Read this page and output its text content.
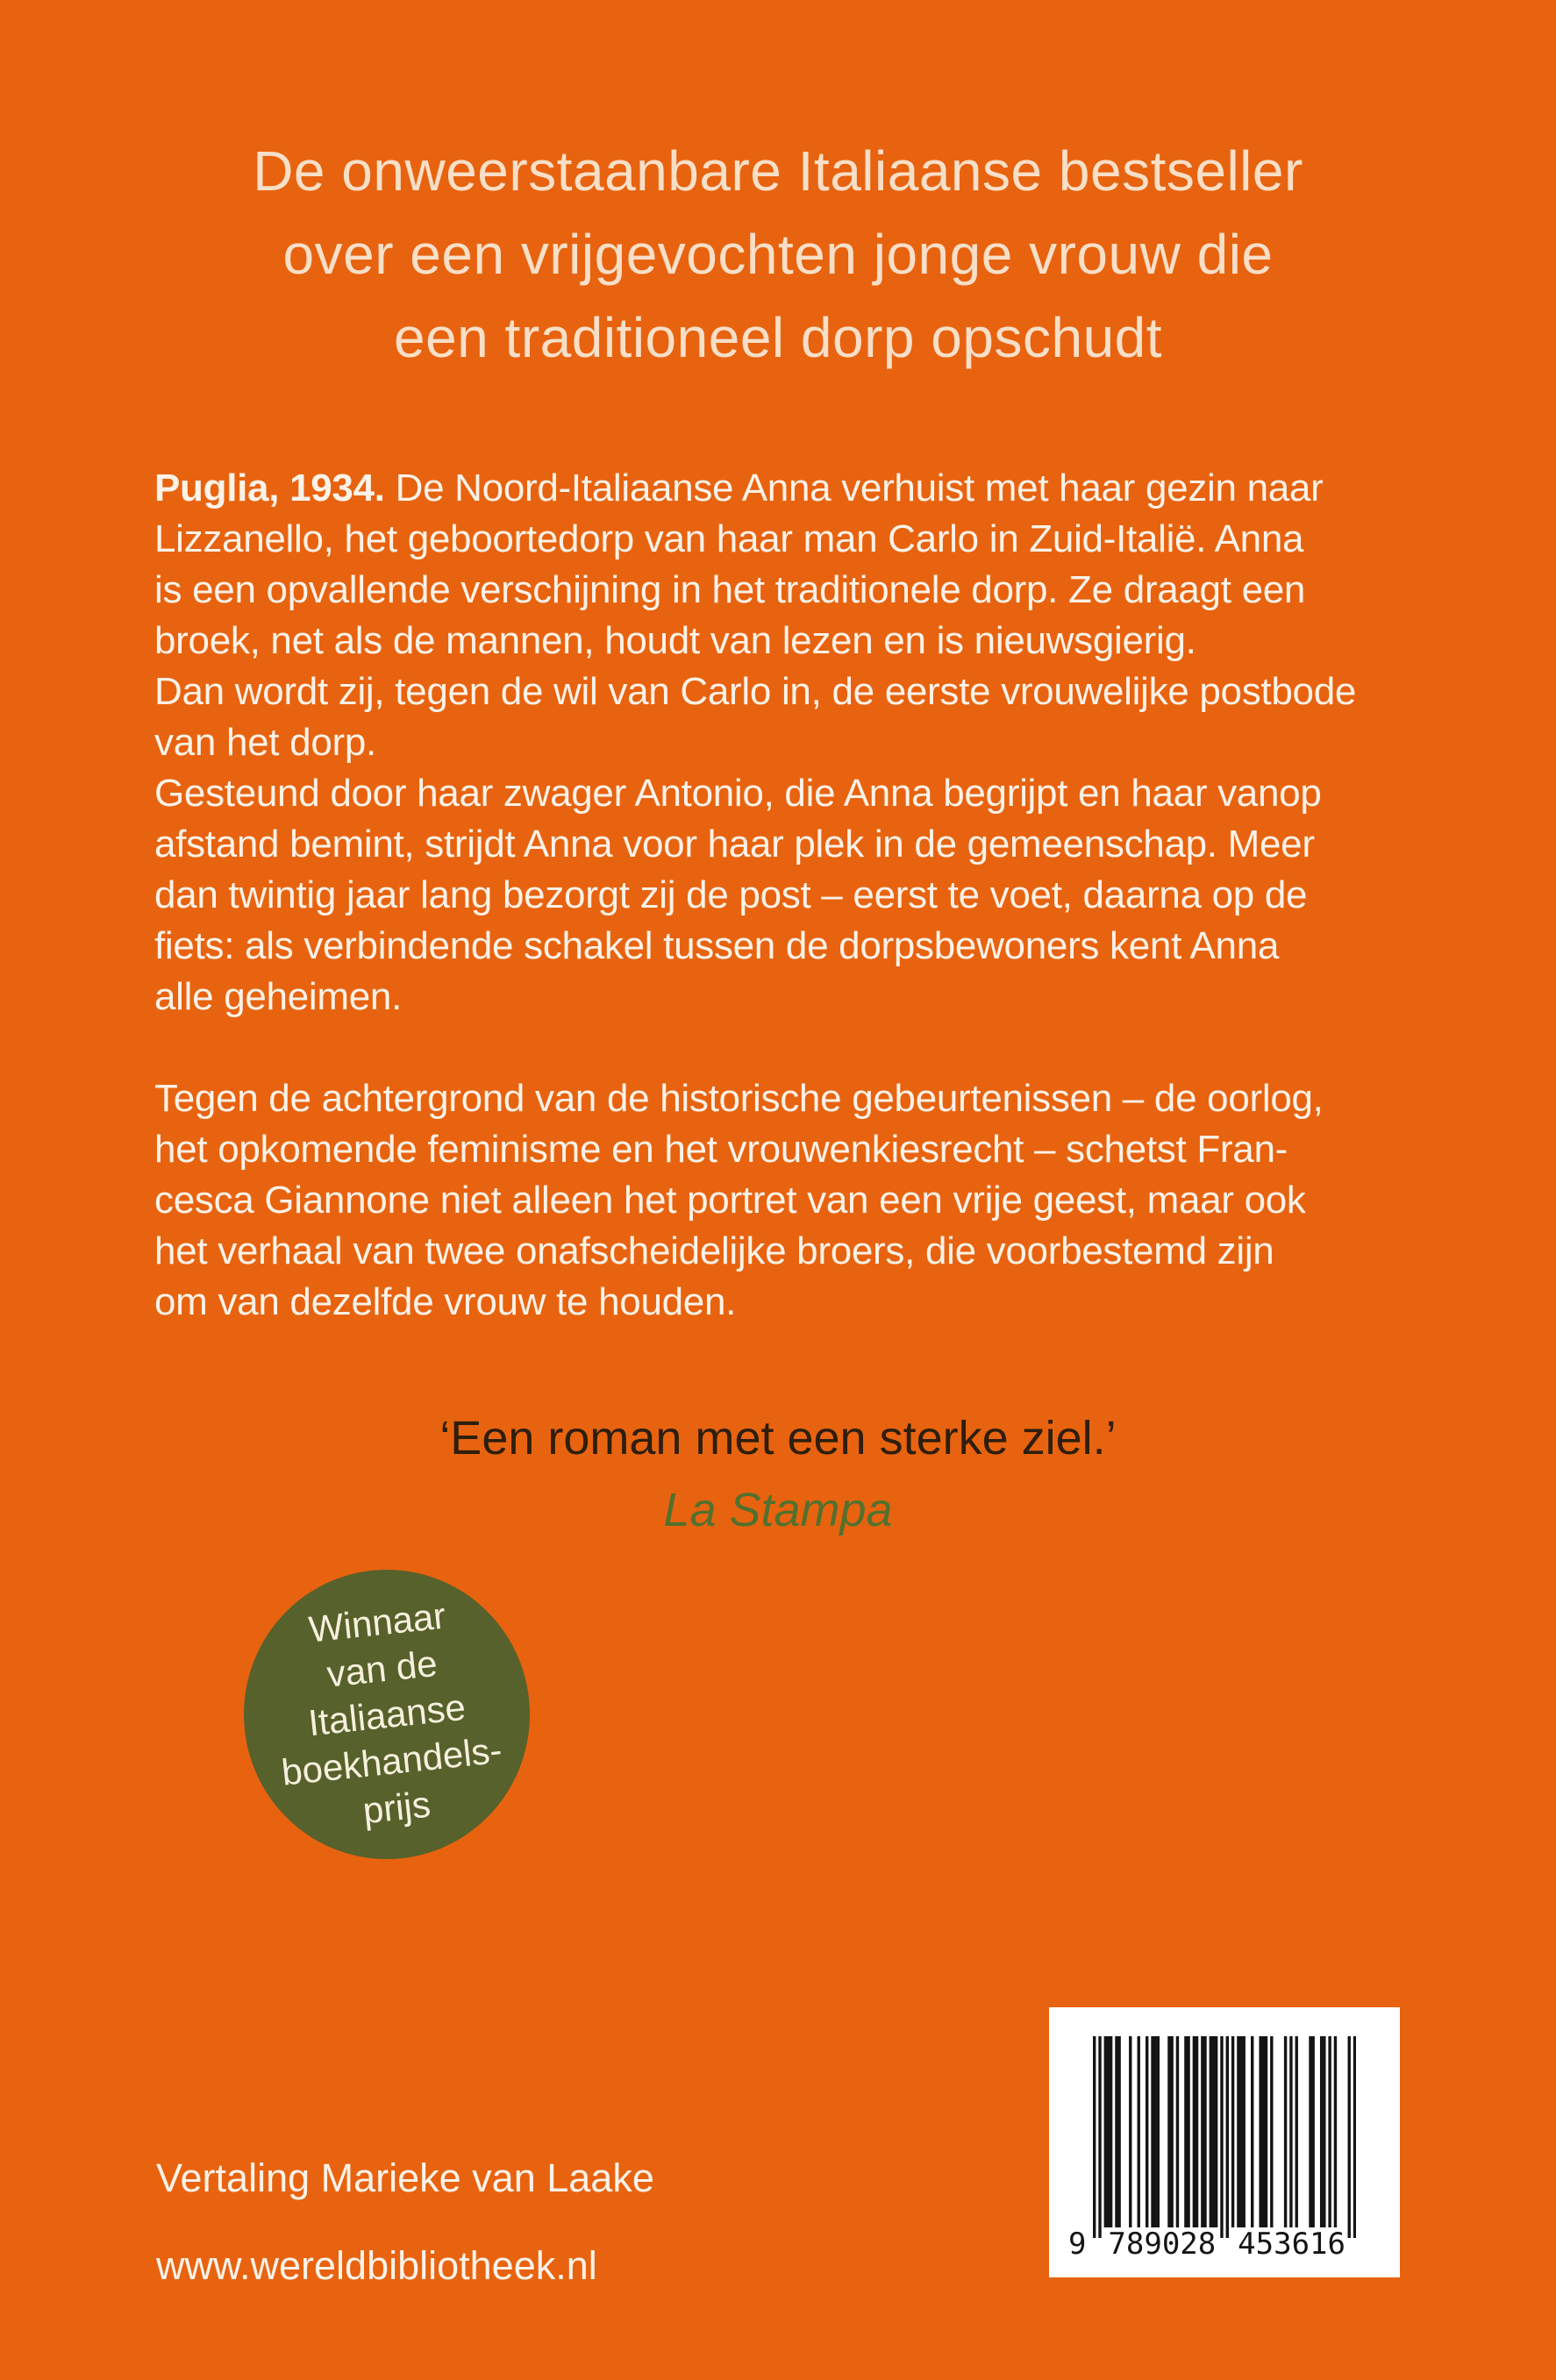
De onweerstaanbare Italiaanse bestseller
over een vrijgevochten jonge vrouw die
een traditioneel dorp opschudt
Puglia, 1934. De Noord-Italiaanse Anna verhuist met haar gezin naar
Lizzanello, het geboortedorp van haar man Carlo in Zuid-Italië. Anna
is een opvallende verschijning in het traditionele dorp. Ze draagt een
broek, net als de mannen, houdt van lezen en is nieuwsgierig.
Dan wordt zij, tegen de wil van Carlo in, de eerste vrouwelijke postbode
van het dorp.
Gesteund door haar zwager Antonio, die Anna begrijpt en haar vanop
afstand bemint, strijdt Anna voor haar plek in de gemeenschap. Meer
dan twintig jaar lang bezorgt zij de post – eerst te voet, daarna op de
fiets: als verbindende schakel tussen de dorpsbewoners kent Anna
alle geheimen.
Tegen de achtergrond van de historische gebeurtenissen – de oorlog,
het opkomende feminisme en het vrouwenkiesrecht – schetst Fran-
cesca Giannone niet alleen het portret van een vrije geest, maar ook
het verhaal van twee onafscheidelijke broers, die voorbestemd zijn
om van dezelfde vrouw te houden.
‘Een roman met een sterke ziel.’
La Stampa
Winnaar
van de
Italiaanse
boekhandels-
prijs
Vertaling Marieke van Laake
www.wereldbibliotheek.nl	9 789028 453616
